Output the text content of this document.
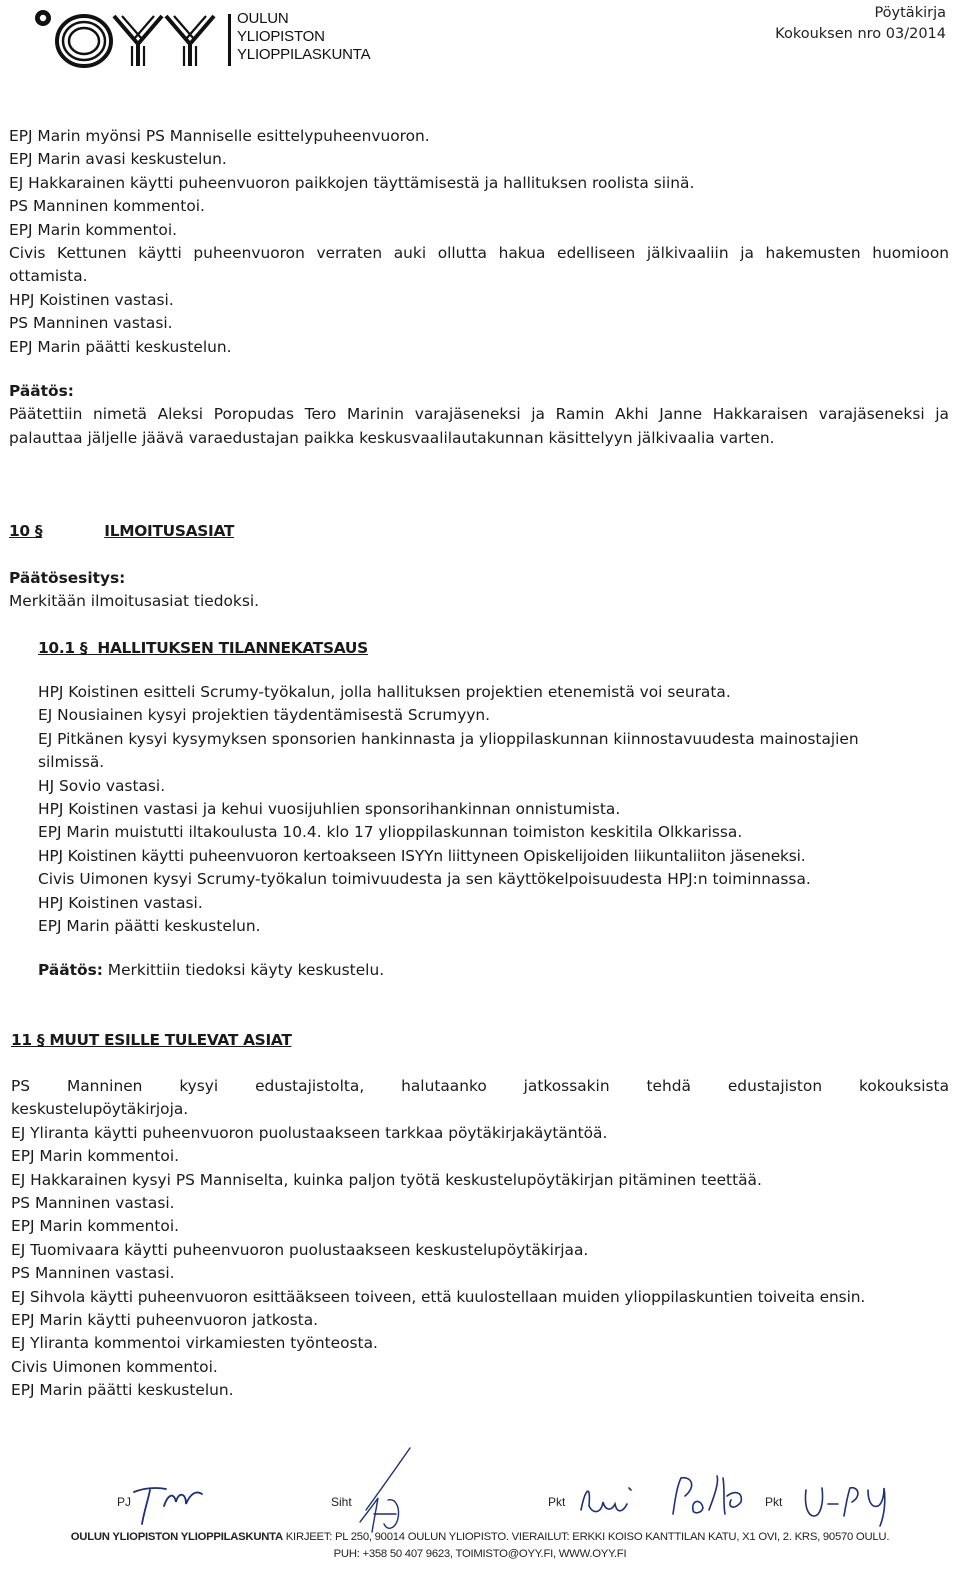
OULUN
YLIOPISTON
YLIOPPILASKUNTA
Pöytäkirja
Kokouksen nro 03/2014

EPJ Marin myönsi PS Manniselle esittelypuheenvuoron.

EPJ Marin avasi keskustelun.

EJ Hakkarainen käytti puheenvuoron paikkojen täyttämisestä ja hallituksen roolista siinä.

PS Manninen kommentoi.

EPJ Marin kommentoi.

Civis Kettunen käytti puheenvuoron verraten auki ollutta hakua edelliseen jälkivaaliin ja hakemusten huomioon ottamista.

HPJ Koistinen vastasi.

PS Manninen vastasi.

EPJ Marin päätti keskustelun.

Päätös:

Päätettiin nimetä Aleksi Poropudas Tero Marinin varajäseneksi ja Ramin Akhi Janne Hakkaraisen varajäseneksi ja palauttaa jäljelle jäävä varaedustajan paikka keskusvaalilautakunnan käsittelyyn jälkivaalia varten.

10 §	ILMOITUSASIAT

Päätösesitys:

Merkitään ilmoitusasiat tiedoksi.

10.1 § HALLITUKSEN TILANNEKATSAUS

HPJ Koistinen esitteli Scrumy-työkalun, jolla hallituksen projektien etenemistä voi seurata.

EJ Nousiainen kysyi projektien täydentämisestä Scrumyyn.

EJ Pitkänen kysyi kysymyksen sponsorien hankinnasta ja ylioppilaskunnan kiinnostavuudesta mainostajien silmissä.

HJ Sovio vastasi.

HPJ Koistinen vastasi ja kehui vuosijuhlien sponsorihankinnan onnistumista.

EPJ Marin muistutti iltakoulusta 10.4. klo 17 ylioppilaskunnan toimiston keskitila Olkkarissa.

HPJ Koistinen käytti puheenvuoron kertoakseen ISYYn liittyneen Opiskelijoiden liikuntaliiton jäseneksi.

Civis Uimonen kysyi Scrumy-työkalun toimivuudesta ja sen käyttökelpoisuudesta HPJ:n toiminnassa.

HPJ Koistinen vastasi.

EPJ Marin päätti keskustelun.

Päätös: Merkittiin tiedoksi käyty keskustelu.

11 § MUUT ESILLE TULEVAT ASIAT

PS Manninen kysyi edustajistolta, halutaanko jatkossakin tehdä edustajiston kokouksista keskustelupöytäkirjoja.

EJ Yliranta käytti puheenvuoron puolustaakseen tarkkaa pöytäkirjakäytäntöä.

EPJ Marin kommentoi.

EJ Hakkarainen kysyi PS Manniselta, kuinka paljon työtä keskustelupöytäkirjan pitäminen teettää.

PS Manninen vastasi.

EPJ Marin kommentoi.

EJ Tuomivaara käytti puheenvuoron puolustaakseen keskustelupöytäkirjaa.

PS Manninen vastasi.

EJ Sihvola käytti puheenvuoron esittääkseen toiveen, että kuulostellaan muiden ylioppilaskuntien toiveita ensin.

EPJ Marin käytti puheenvuoron jatkosta.

EJ Yliranta kommentoi virkamiesten työnteosta.

Civis Uimonen kommentoi.

EPJ Marin päätti keskustelun.

PJ	Siht	Pkt	Pkt
OULUN YLIOPISTON YLIOPPILASKUNTA KIRJEET: PL 250, 90014 OULUN YLIOPISTO. VIERAILUT: ERKKI KOISO KANTTILAN KATU, X1 OVI, 2. KRS, 90570 OULU.
PUH: +358 50 407 9623, TOIMISTO@OYY.FI, WWW.OYY.FI
